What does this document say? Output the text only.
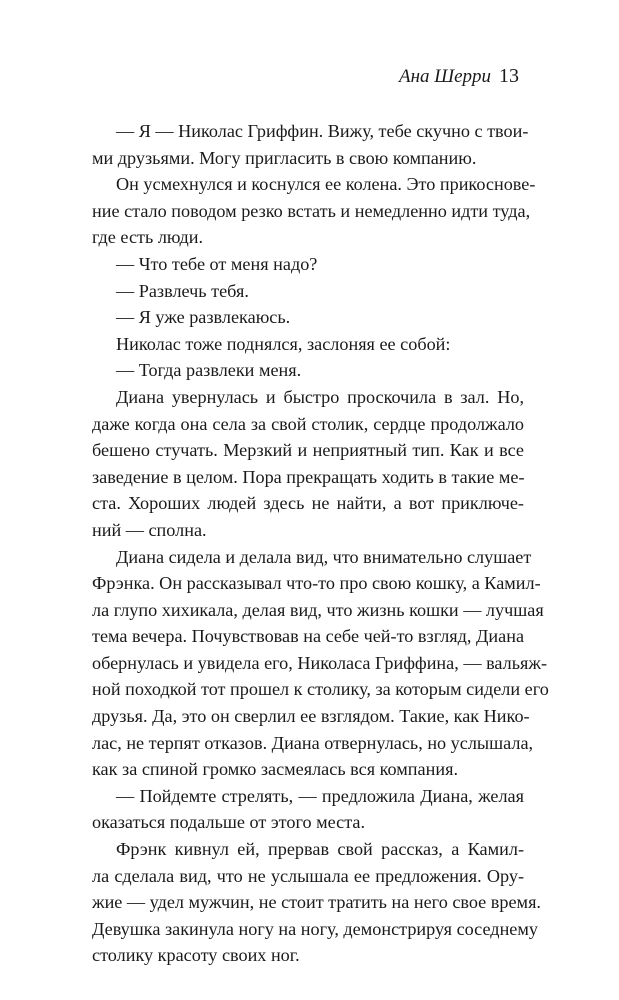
Ана Шерри 13
— Я — Николас Гриффин. Вижу, тебе скучно с твои-
ми друзьями. Могу пригласить в свою компанию.
Он усмехнулся и коснулся ее колена. Это прикоснове-
ние стало поводом резко встать и немедленно идти туда,
где есть люди.
— Что тебе от меня надо?
— Развлечь тебя.
— Я уже развлекаюсь.
Николас тоже поднялся, заслоняя ее собой:
— Тогда развлеки меня.
Диана увернулась и быстро проскочила в зал. Но,
даже когда она села за свой столик, сердце продолжало
бешено стучать. Мерзкий и неприятный тип. Как и все
заведение в целом. Пора прекращать ходить в такие ме-
ста. Хороших людей здесь не найти, а вот приключе-
ний — сполна.
Диана сидела и делала вид, что внимательно слушает
Фрэнка. Он рассказывал что-то про свою кошку, а Камил-
ла глупо хихикала, делая вид, что жизнь кошки — лучшая
тема вечера. Почувствовав на себе чей-то взгляд, Диана
обернулась и увидела его, Николаса Гриффина, — вальяж-
ной походкой тот прошел к столику, за которым сидели его
друзья. Да, это он сверлил ее взглядом. Такие, как Нико-
лас, не терпят отказов. Диана отвернулась, но услышала,
как за спиной громко засмеялась вся компания.
— Пойдемте стрелять, — предложила Диана, желая
оказаться подальше от этого места.
Фрэнк кивнул ей, прервав свой рассказ, а Камил-
ла сделала вид, что не услышала ее предложения. Ору-
жие — удел мужчин, не стоит тратить на него свое время.
Девушка закинула ногу на ногу, демонстрируя соседнему
столику красоту своих ног.
